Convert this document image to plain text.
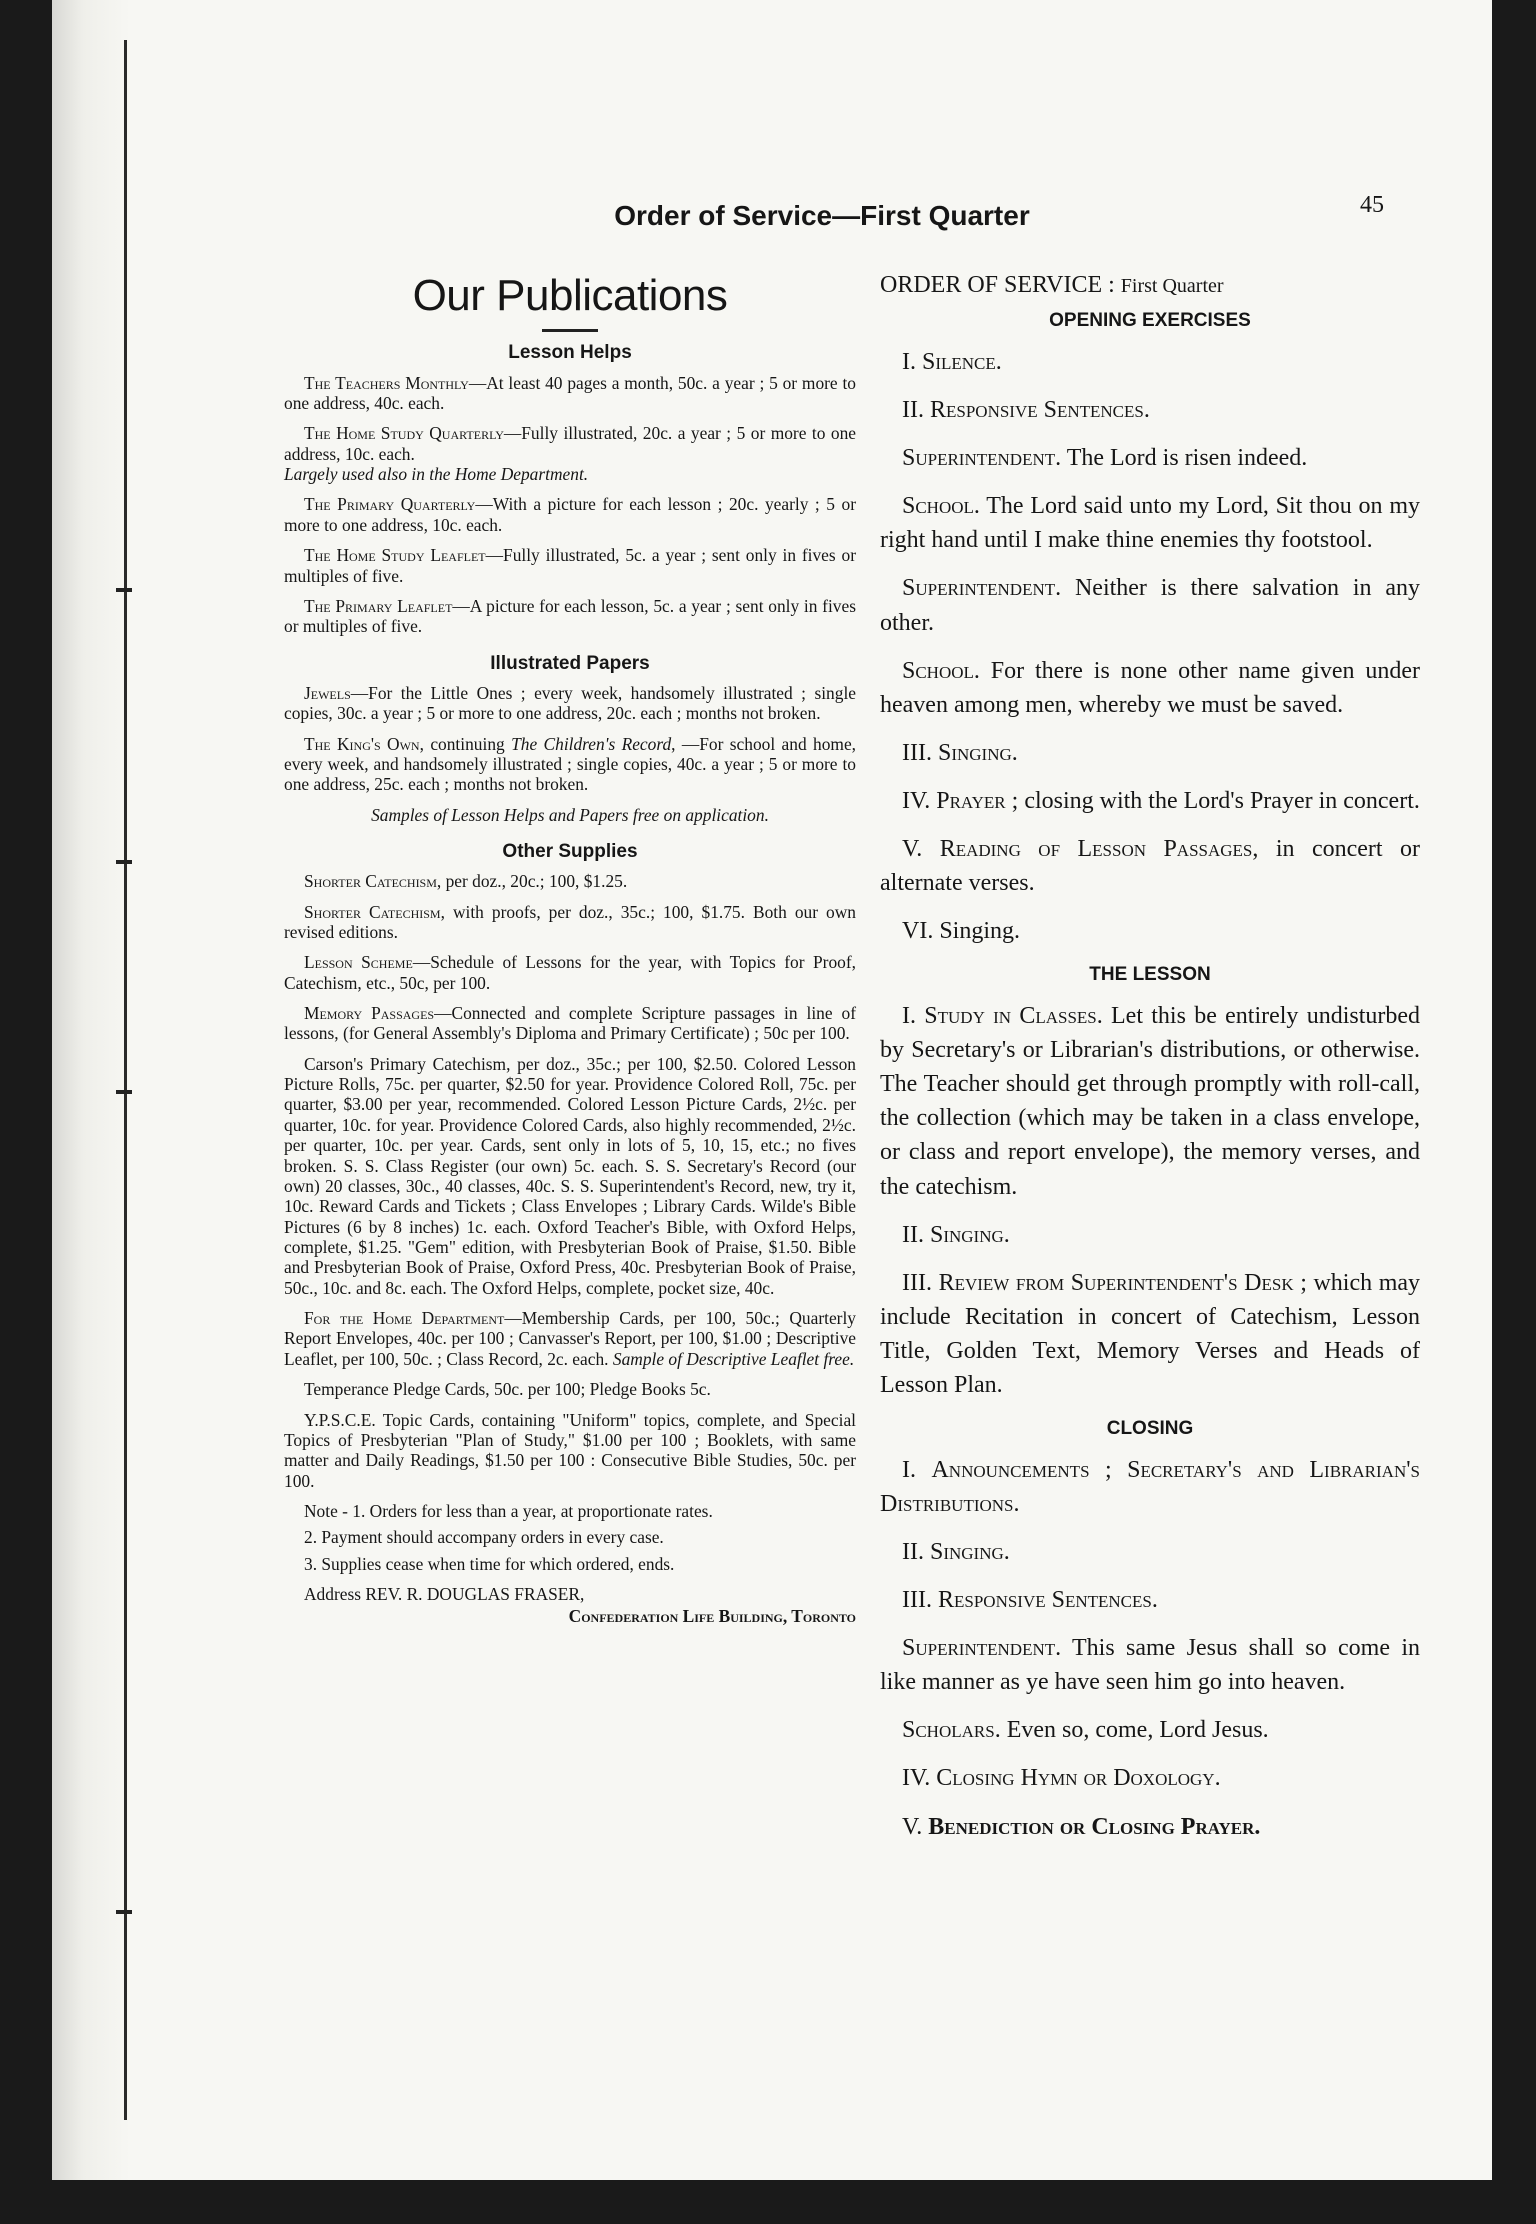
45
Order of Service—First Quarter
Our Publications
Lesson Helps

The Teachers Monthly—At least 40 pages a month, 50c. a year ; 5 or more to one address, 40c. each.

The Home Study Quarterly—Fully illustrated, 20c. a year ; 5 or more to one address, 10c. each.
Largely used also in the Home Department.

The Primary Quarterly—With a picture for each lesson ; 20c. yearly ; 5 or more to one address, 10c. each.

The Home Study Leaflet—Fully illustrated, 5c. a year ; sent only in fives or multiples of five.

The Primary Leaflet—A picture for each lesson, 5c. a year ; sent only in fives or multiples of five.

Illustrated Papers

Jewels—For the Little Ones ; every week, handsomely illustrated ; single copies, 30c. a year ; 5 or more to one address, 20c. each ; months not broken.

The King's Own, continuing The Children's Record, —For school and home, every week, and handsomely illustrated ; single copies, 40c. a year ; 5 or more to one address, 25c. each ; months not broken.

Samples of Lesson Helps and Papers free on application.
Other Supplies

Shorter Catechism, per doz., 20c.; 100, $1.25.

Shorter Catechism, with proofs, per doz., 35c.; 100, $1.75. Both our own revised editions.

Lesson Scheme—Schedule of Lessons for the year, with Topics for Proof, Catechism, etc., 50c, per 100.

Memory Passages—Connected and complete Scripture passages in line of lessons, (for General Assembly's Diploma and Primary Certificate) ; 50c per 100.

Carson's Primary Catechism, per doz., 35c.; per 100, $2.50. Colored Lesson Picture Rolls, 75c. per quarter, $2.50 for year. Providence Colored Roll, 75c. per quarter, $3.00 per year, recommended. Colored Lesson Picture Cards, 2½c. per quarter, 10c. for year. Providence Colored Cards, also highly recommended, 2½c. per quarter, 10c. per year. Cards, sent only in lots of 5, 10, 15, etc.; no fives broken. S. S. Class Register (our own) 5c. each. S. S. Secretary's Record (our own) 20 classes, 30c., 40 classes, 40c. S. S. Superintendent's Record, new, try it, 10c. Reward Cards and Tickets ; Class Envelopes ; Library Cards. Wilde's Bible Pictures (6 by 8 inches) 1c. each. Oxford Teacher's Bible, with Oxford Helps, complete, $1.25. "Gem" edition, with Presbyterian Book of Praise, $1.50. Bible and Presbyterian Book of Praise, Oxford Press, 40c. Presbyterian Book of Praise, 50c., 10c. and 8c. each. The Oxford Helps, complete, pocket size, 40c.

For the Home Department—Membership Cards, per 100, 50c.; Quarterly Report Envelopes, 40c. per 100 ; Canvasser's Report, per 100, $1.00 ; Descriptive Leaflet, per 100, 50c. ; Class Record, 2c. each. Sample of Descriptive Leaflet free.

Temperance Pledge Cards, 50c. per 100; Pledge Books 5c.

Y.P.S.C.E. Topic Cards, containing "Uniform" topics, complete, and Special Topics of Presbyterian "Plan of Study," $1.00 per 100 ; Booklets, with same matter and Daily Readings, $1.50 per 100 : Consecutive Bible Studies, 50c. per 100.

Note - 1. Orders for less than a year, at proportionate rates.

2. Payment should accompany orders in every case.

3. Supplies cease when time for which ordered, ends.

Address REV. R. DOUGLAS FRASER,
Confederation Life Building, Toronto
ORDER OF SERVICE : First Quarter
OPENING EXERCISES

I. Silence.

II. Responsive Sentences.

Superintendent. The Lord is risen indeed.

School. The Lord said unto my Lord, Sit thou on my right hand until I make thine enemies thy footstool.

Superintendent. Neither is there salvation in any other.

School. For there is none other name given under heaven among men, whereby we must be saved.

III. Singing.

IV. Prayer ; closing with the Lord's Prayer in concert.

V. Reading of Lesson Passages, in concert or alternate verses.

VI. Singing.

THE LESSON

I. Study in Classes. Let this be entirely undisturbed by Secretary's or Librarian's distributions, or otherwise. The Teacher should get through promptly with roll-call, the collection (which may be taken in a class envelope, or class and report envelope), the memory verses, and the catechism.

II. Singing.

III. Review from Superintendent's Desk ; which may include Recitation in concert of Catechism, Lesson Title, Golden Text, Memory Verses and Heads of Lesson Plan.

CLOSING

I. Announcements ; Secretary's and Librarian's Distributions.

II. Singing.

III. Responsive Sentences.

Superintendent. This same Jesus shall so come in like manner as ye have seen him go into heaven.

Scholars. Even so, come, Lord Jesus.

IV. Closing Hymn or Doxology.

V. Benediction or Closing Prayer.
